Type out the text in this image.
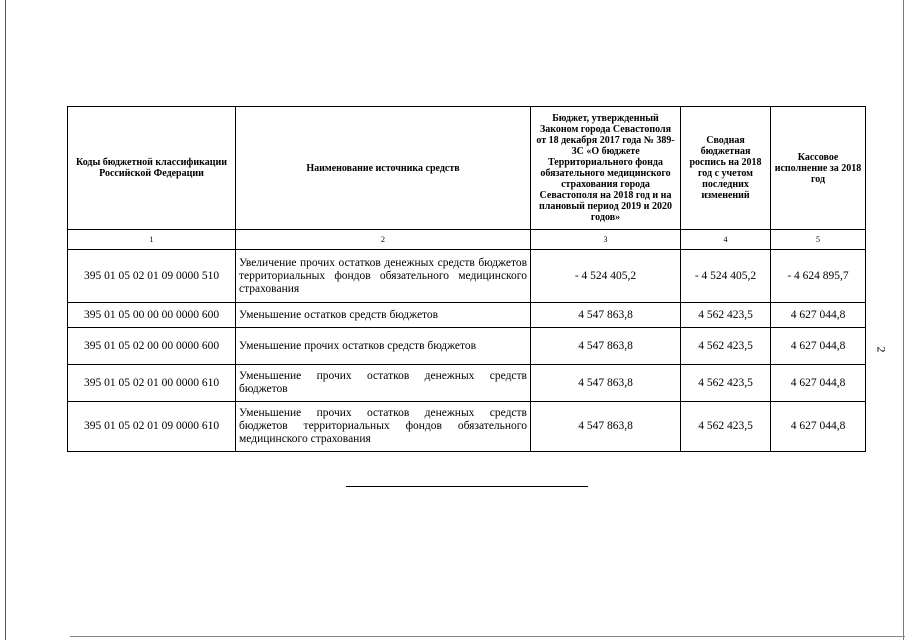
Коды бюджетной классификации Российской Федерации	Наименование источника средств	Бюджет, утвержденный Законом города Севастополя от 18 декабря 2017 года № 389-ЗС «О бюджете Территориального фонда обязательного медицинского страхования города Севастополя на 2018 год и на плановый период 2019 и 2020 годов»	Сводная бюджетная роспись на 2018 год с учетом последних изменений	Кассовое исполнение за 2018 год
1	2	3	4	5
395 01 05 02 01 09 0000 510	Увеличение прочих остатков денежных средств бюджетов территориальных фондов обязательного медицинского страхования	- 4 524 405,2	- 4 524 405,2	- 4 624 895,7
395 01 05 00 00 00 0000 600	Уменьшение остатков средств бюджетов	4 547 863,8	4 562 423,5	4 627 044,8
395 01 05 02 00 00 0000 600	Уменьшение прочих остатков средств бюджетов	4 547 863,8	4 562 423,5	4 627 044,8
395 01 05 02 01 00 0000 610	Уменьшение прочих остатков денежных средств бюджетов	4 547 863,8	4 562 423,5	4 627 044,8
395 01 05 02 01 09 0000 610	Уменьшение прочих остатков денежных средств бюджетов территориальных фондов обязательного медицинского страхования	4 547 863,8	4 562 423,5	4 627 044,8
2
